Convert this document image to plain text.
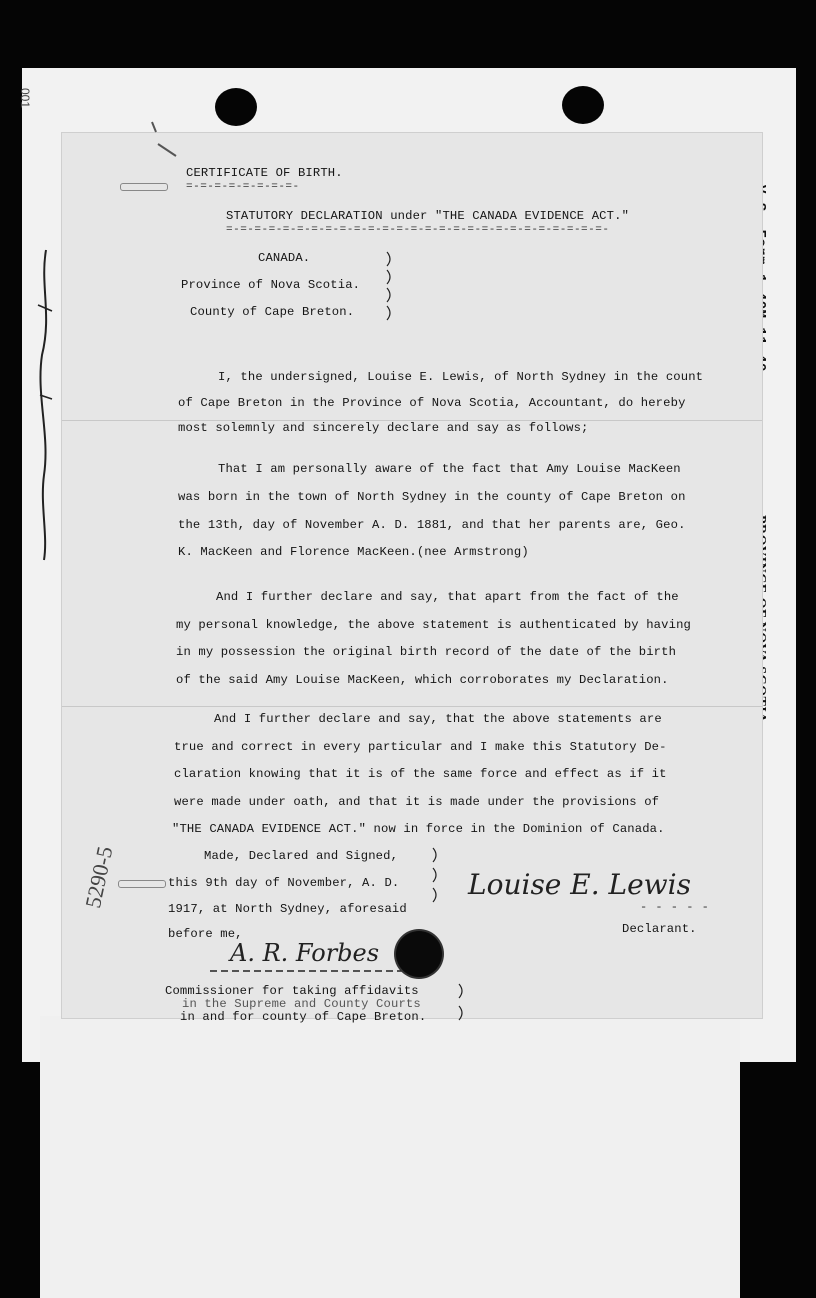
001
CERTIFICATE OF BIRTH.
=-=-=-=-=-=-=-=-
STATUTORY DECLARATION under "THE CANADA EVIDENCE ACT."
=-=-=-=-=-=-=-=-=-=-=-=-=-=-=-=-=-=-=-=-=-=-=-=-=-=-=-
CANADA.
Province of Nova Scotia.
County of Cape Breton.
I, the undersigned, Louise E. Lewis, of North Sydney in the count
of Cape Breton in the Province of Nova Scotia, Accountant, do hereby
most solemnly and sincerely declare and say as follows;
That I am personally aware of the fact that Amy Louise MacKeen
was born in the town of North Sydney in the county of Cape Breton on
the 13th, day of November A. D. 1881, and that her parents are, Geo.
K. MacKeen and Florence MacKeen.(nee Armstrong)
And I further declare and say, that apart from the fact of the
my personal knowledge, the above statement is authenticated by having
in my possession the original birth record of the date of the birth
of the said Amy Louise MacKeen, which corroborates my Declaration.
And I further declare and say, that the above statements are
true and correct in every particular and I make this Statutory De-
claration knowing that it is of the same force and effect as if it
were made under oath, and that it is made under the provisions of
"THE CANADA EVIDENCE ACT." now in force in the Dominion of Canada.
Made, Declared and Signed,
this 9th day of November, A. D.
1917, at North Sydney, aforesaid
before me,
Louise E. Lewis
- - - - -
Declarant.
A. R. Forbes
Commissioner for taking affidavits
in the Supreme and County Courts
in and for county of Cape Breton.
5290-5
